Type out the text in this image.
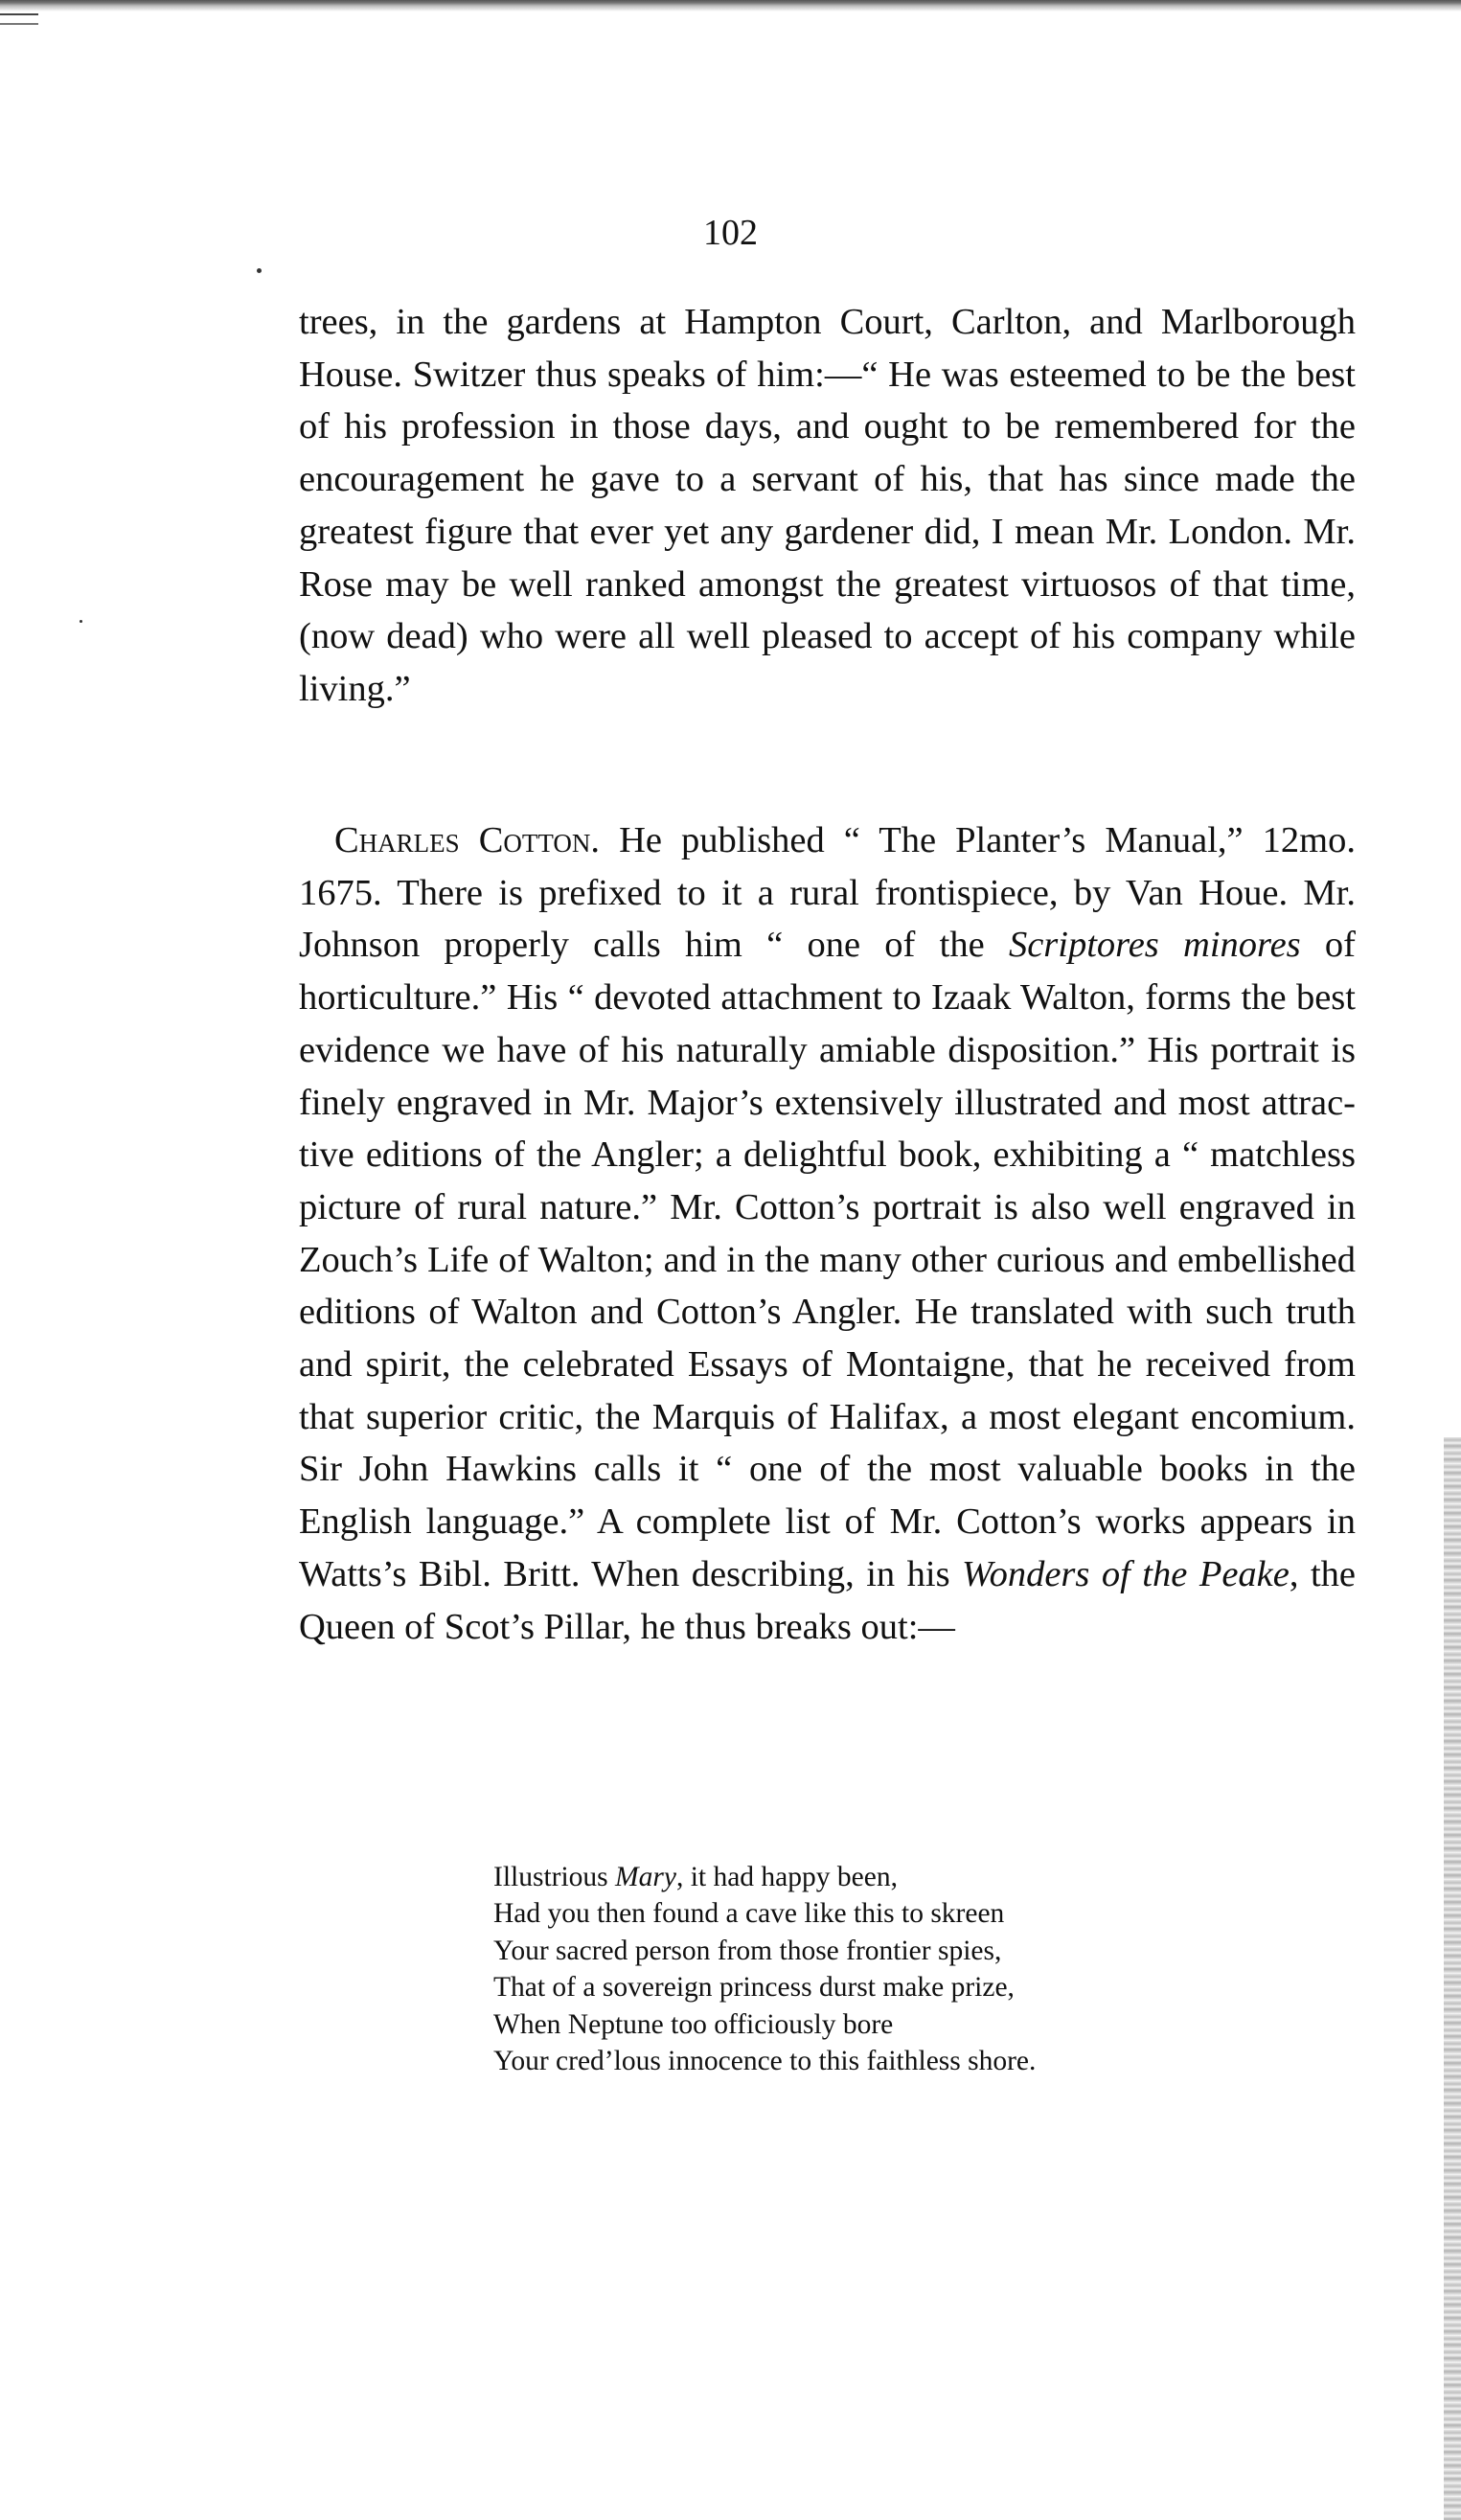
102

trees, in the gardens at Hampton Court, Carlton, and Marlborough House. Switzer thus speaks of him:—“ He was esteemed to be the best of his profession in those days, and ought to be remembered for the encouragement he gave to a servant of his, that has since made the greatest figure that ever yet any gardener did, I mean Mr. London. Mr. Rose may be well ranked amongst the greatest virtuosos of that time, (now dead) who were all well pleased to accept of his company while living.”

Charles Cotton. He published “ The Planter’s Manual,” 12mo. 1675. There is prefixed to it a rural frontispiece, by Van Houe. Mr. Johnson properly calls him “ one of the Scriptores minores of horticulture.” His “ devoted attachment to Izaak Walton, forms the best evidence we have of his naturally amiable disposition.” His portrait is finely engraved in Mr. Major’s extensively illustrated and most attractive editions of the Angler; a delightful book, exhibiting a “ matchless picture of rural nature.” Mr. Cotton’s portrait is also well engraved in Zouch’s Life of Walton; and in the many other curious and embellished editions of Walton and Cotton’s Angler. He translated with such truth and spirit, the celebrated Essays of Montaigne, that he received from that superior critic, the Marquis of Halifax, a most elegant encomium. Sir John Hawkins calls it “ one of the most valuable books in the English language.” A complete list of Mr. Cotton’s works appears in Watts’s Bibl. Britt. When describing, in his Wonders of the Peake, the Queen of Scot’s Pillar, he thus breaks out:—

Illustrious Mary, it had happy been,
Had you then found a cave like this to skreen
Your sacred person from those frontier spies,
That of a sovereign princess durst make prize,
When Neptune too officiously bore
Your cred’lous innocence to this faithless shore.
